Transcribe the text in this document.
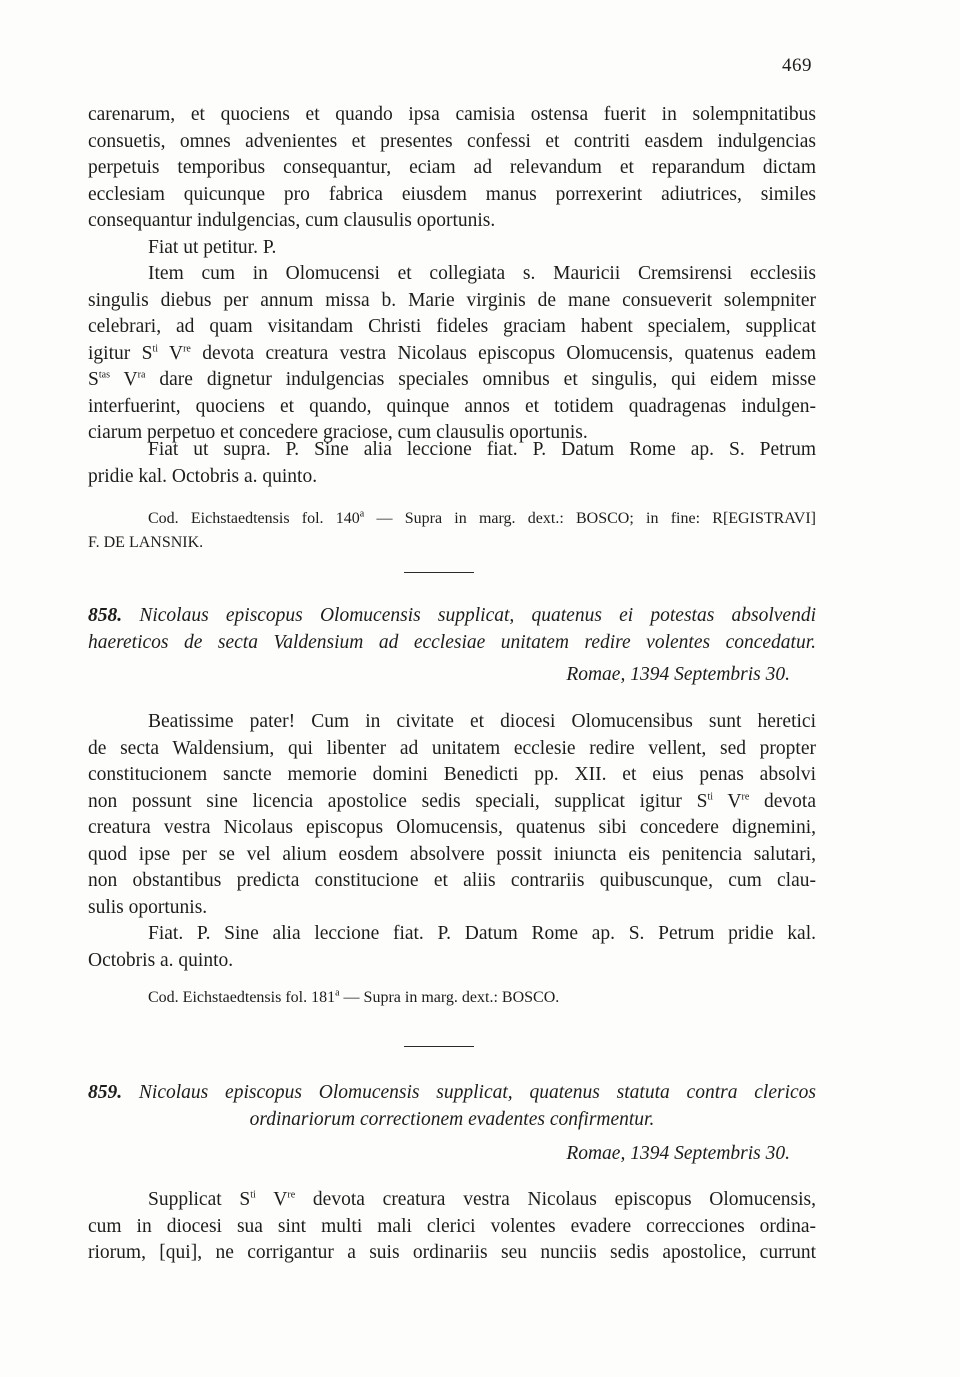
469
carenarum, et quociens et quando ipsa camisia ostensa fuerit in solempnitatibus
consuetis, omnes advenientes et presentes confessi et contriti easdem indulgencias
perpetuis temporibus consequantur, eciam ad relevandum et reparandum dictam
ecclesiam quicunque pro fabrica eiusdem manus porrexerint adiutrices, similes
consequantur indulgencias, cum clausulis oportunis.
Fiat ut petitur. P.
Item cum in Olomucensi et collegiata s. Mauricii Cremsirensi ecclesiis
singulis diebus per annum missa b. Marie virginis de mane consueverit solempniter
celebrari, ad quam visitandam Christi fideles graciam habent specialem, supplicat
igitur $S^{ti}$ Vre devota creatura vestra Nicolaus episcopus Olomucensis, quatenus eadem
$S^{tas}$ $V^{ra}$ dare dignetur indulgencias speciales omnibus et singulis, qui eidem misse
interfuerint, quociens et quando, quinque annos et totidem quadragenas indulgen-
ciarum perpetuo et concedere graciose, cum clausulis oportunis.
Fiat ut supra. P. Sine alia leccione fiat. P. Datum Rome ap. S. Petrum
pridie kal. Octobris a. quinto.
Cod. Eichstaedtensis fol. 140$^a$ — Supra in marg. dext.: BOSCO; in fine: R[EGISTRAVI]
F. DE LANSNIK.
858. Nicolaus episcopus Olomucensis supplicat, quatenus ei potestas absolvendi
haereticos de secta Valdensium ad ecclesiae unitatem redire volentes concedatur.
Romae, 1394 Septembris 30.
Beatissime pater! Cum in civitate et diocesi Olomucensibus sunt heretici
de secta Waldensium, qui libenter ad unitatem ecclesie redire vellent, sed propter
constitucionem sancte memorie domini Benedicti pp. XII. et eius penas absolvi
non possunt sine licencia apostolice sedis speciali, supplicat igitur $S^{ti}$ Vre devota
creatura vestra Nicolaus episcopus Olomucensis, quatenus sibi concedere dignemini,
quod ipse per se vel alium eosdem absolvere possit iniuncta eis penitencia salutari,
non obstantibus predicta constitucione et aliis contrariis quibuscunque, cum clau-
sulis oportunis.
Fiat. P. Sine alia leccione fiat. P. Datum Rome ap. S. Petrum pridie kal.
Octobris a. quinto.
Cod. Eichstaedtensis fol. 181$^a$ — Supra in marg. dext.: BOSCO.
859. Nicolaus episcopus Olomucensis supplicat, quatenus statuta contra clericos
ordinariorum correctionem evadentes confirmentur.
Romae, 1394 Septembris 30.
Supplicat $S^{ti}$ Vre devota creatura vestra Nicolaus episcopus Olomucensis,
cum in diocesi sua sint multi mali clerici volentes evadere correcciones ordina-
riorum, [qui], ne corrigantur a suis ordinariis seu nunciis sedis apostolice, currunt
